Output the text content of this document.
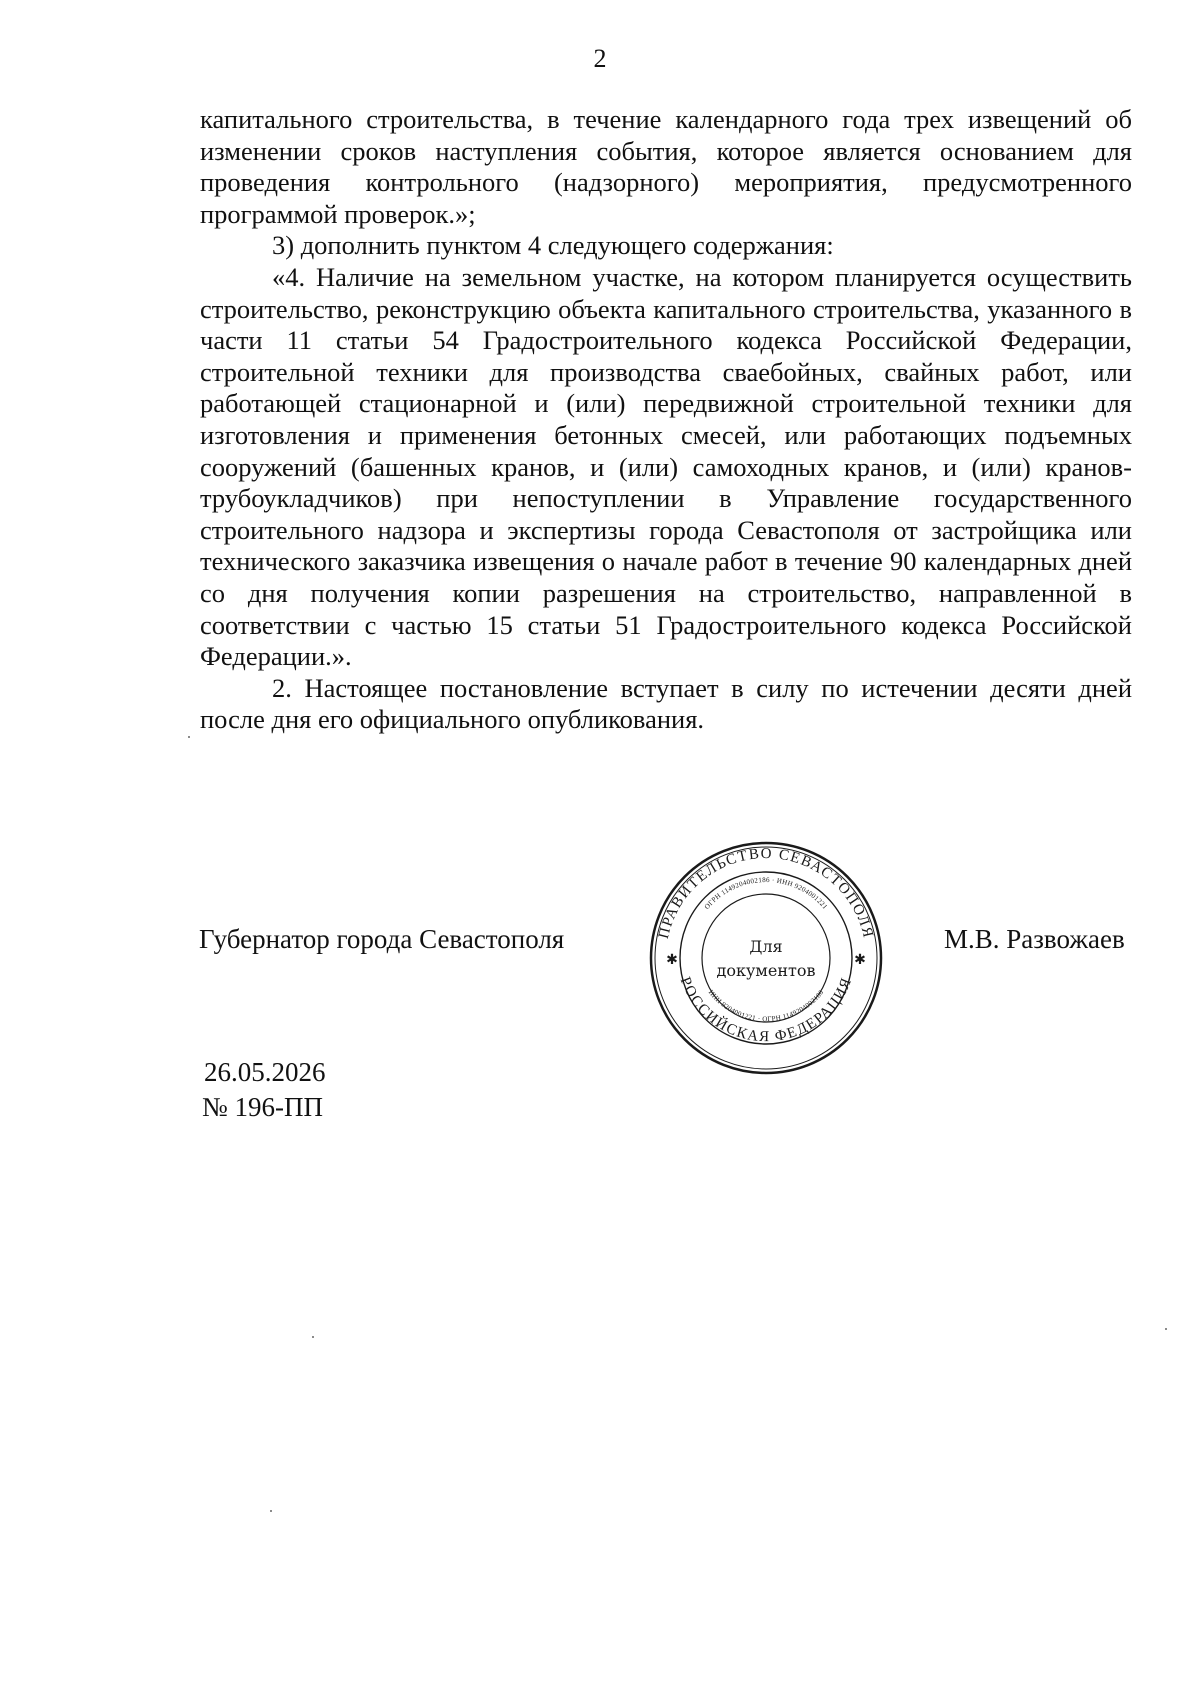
2

капитального строительства, в течение календарного года трех извещений об изменении сроков наступления события, которое является основанием для проведения контрольного (надзорного) мероприятия, предусмотренного программой проверок.»;

3) дополнить пунктом 4 следующего содержания:

«4. Наличие на земельном участке, на котором планируется осуществить строительство, реконструкцию объекта капитального строительства, указанного в части 11 статьи 54 Градостроительного кодекса Российской Федерации, строительной техники для производства сваебойных, свайных работ, или работающей стационарной и (или) передвижной строительной техники для изготовления и применения бетонных смесей, или работающих подъемных сооружений (башенных кранов, и (или) самоходных кранов, и (или) кранов-трубоукладчиков) при непоступлении в Управление государственного строительного надзора и экспертизы города Севастополя от застройщика или технического заказчика извещения о начале работ в течение 90 календарных дней со дня получения копии разрешения на строительство, направленной в соответствии с частью 15 статьи 51 Градостроительного кодекса Российской Федерации.».

2. Настоящее постановление вступает в силу по истечении десяти дней после дня его официального опубликования.

Губернатор города Севастополя	ПРАВИТЕЛЬСТВО СЕВАСТОПОЛЯ
РОССИЙСКАЯ ФЕДЕРАЦИЯ
ОГРН 1149204002186 · ИНН 9204001221
ИНН 9204001221 · ОГРН 1149204002186
Для
документов
✱	✱
М.В. Развожаев
26.05.2026
№ 196-ПП
